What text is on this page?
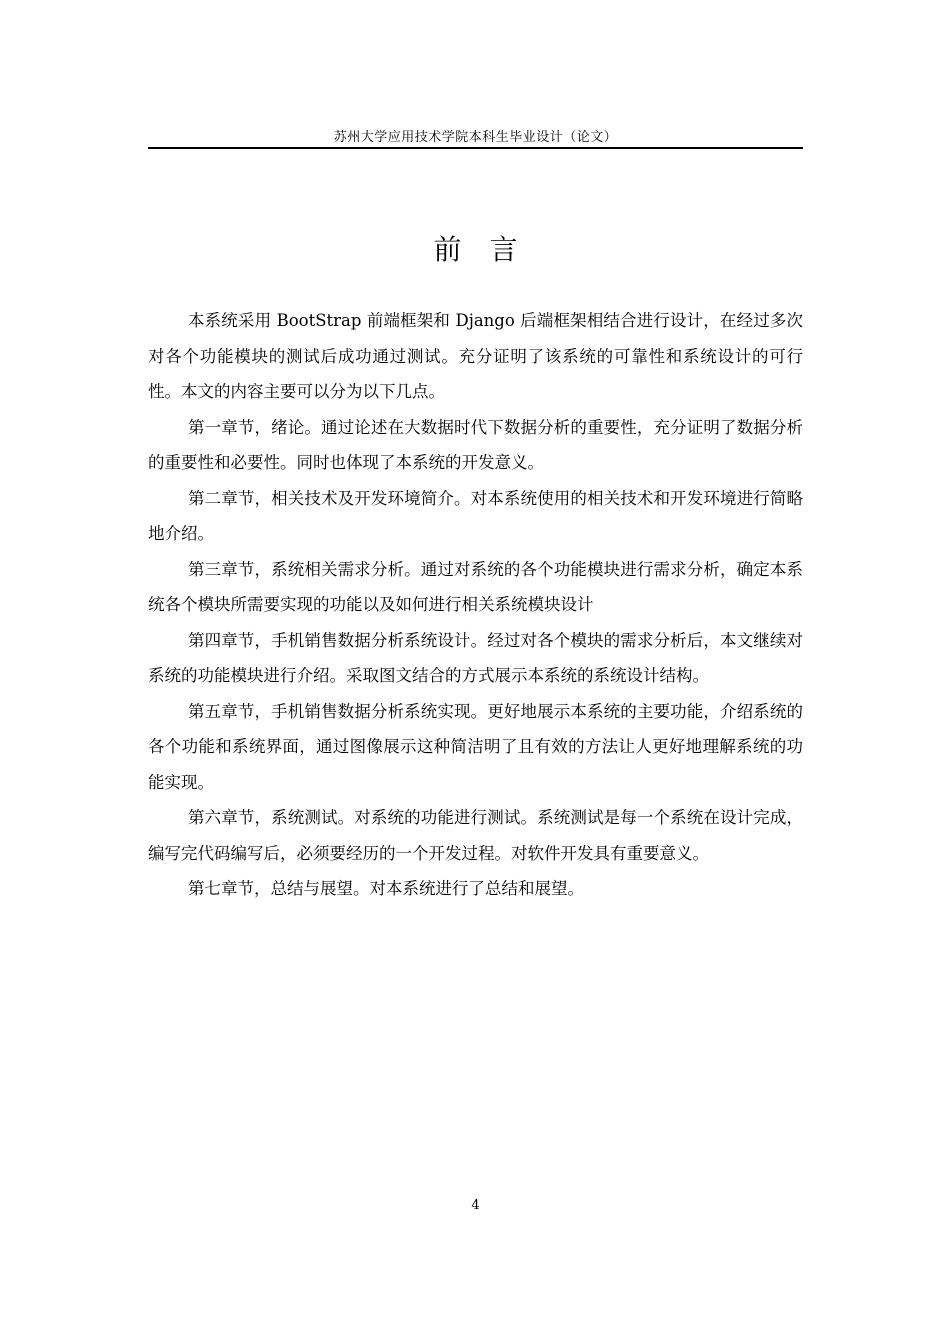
苏州大学应用技术学院本科生毕业设计（论文）
前 言

本系统采用 BootStrap 前端框架和 Django 后端框架相结合进行设计，在经过多次对各个功能模块的测试后成功通过测试。充分证明了该系统的可靠性和系统设计的可行性。本文的内容主要可以分为以下几点。

第一章节，绪论。通过论述在大数据时代下数据分析的重要性，充分证明了数据分析的重要性和必要性。同时也体现了本系统的开发意义。

第二章节，相关技术及开发环境简介。对本系统使用的相关技术和开发环境进行简略地介绍。

第三章节，系统相关需求分析。通过对系统的各个功能模块进行需求分析，确定本系统各个模块所需要实现的功能以及如何进行相关系统模块设计

第四章节，手机销售数据分析系统设计。经过对各个模块的需求分析后，本文继续对系统的功能模块进行介绍。采取图文结合的方式展示本系统的系统设计结构。

第五章节，手机销售数据分析系统实现。更好地展示本系统的主要功能，介绍系统的各个功能和系统界面，通过图像展示这种简洁明了且有效的方法让人更好地理解系统的功能实现。

第六章节，系统测试。对系统的功能进行测试。系统测试是每一个系统在设计完成，编写完代码编写后，必须要经历的一个开发过程。对软件开发具有重要意义。

第七章节，总结与展望。对本系统进行了总结和展望。

4
